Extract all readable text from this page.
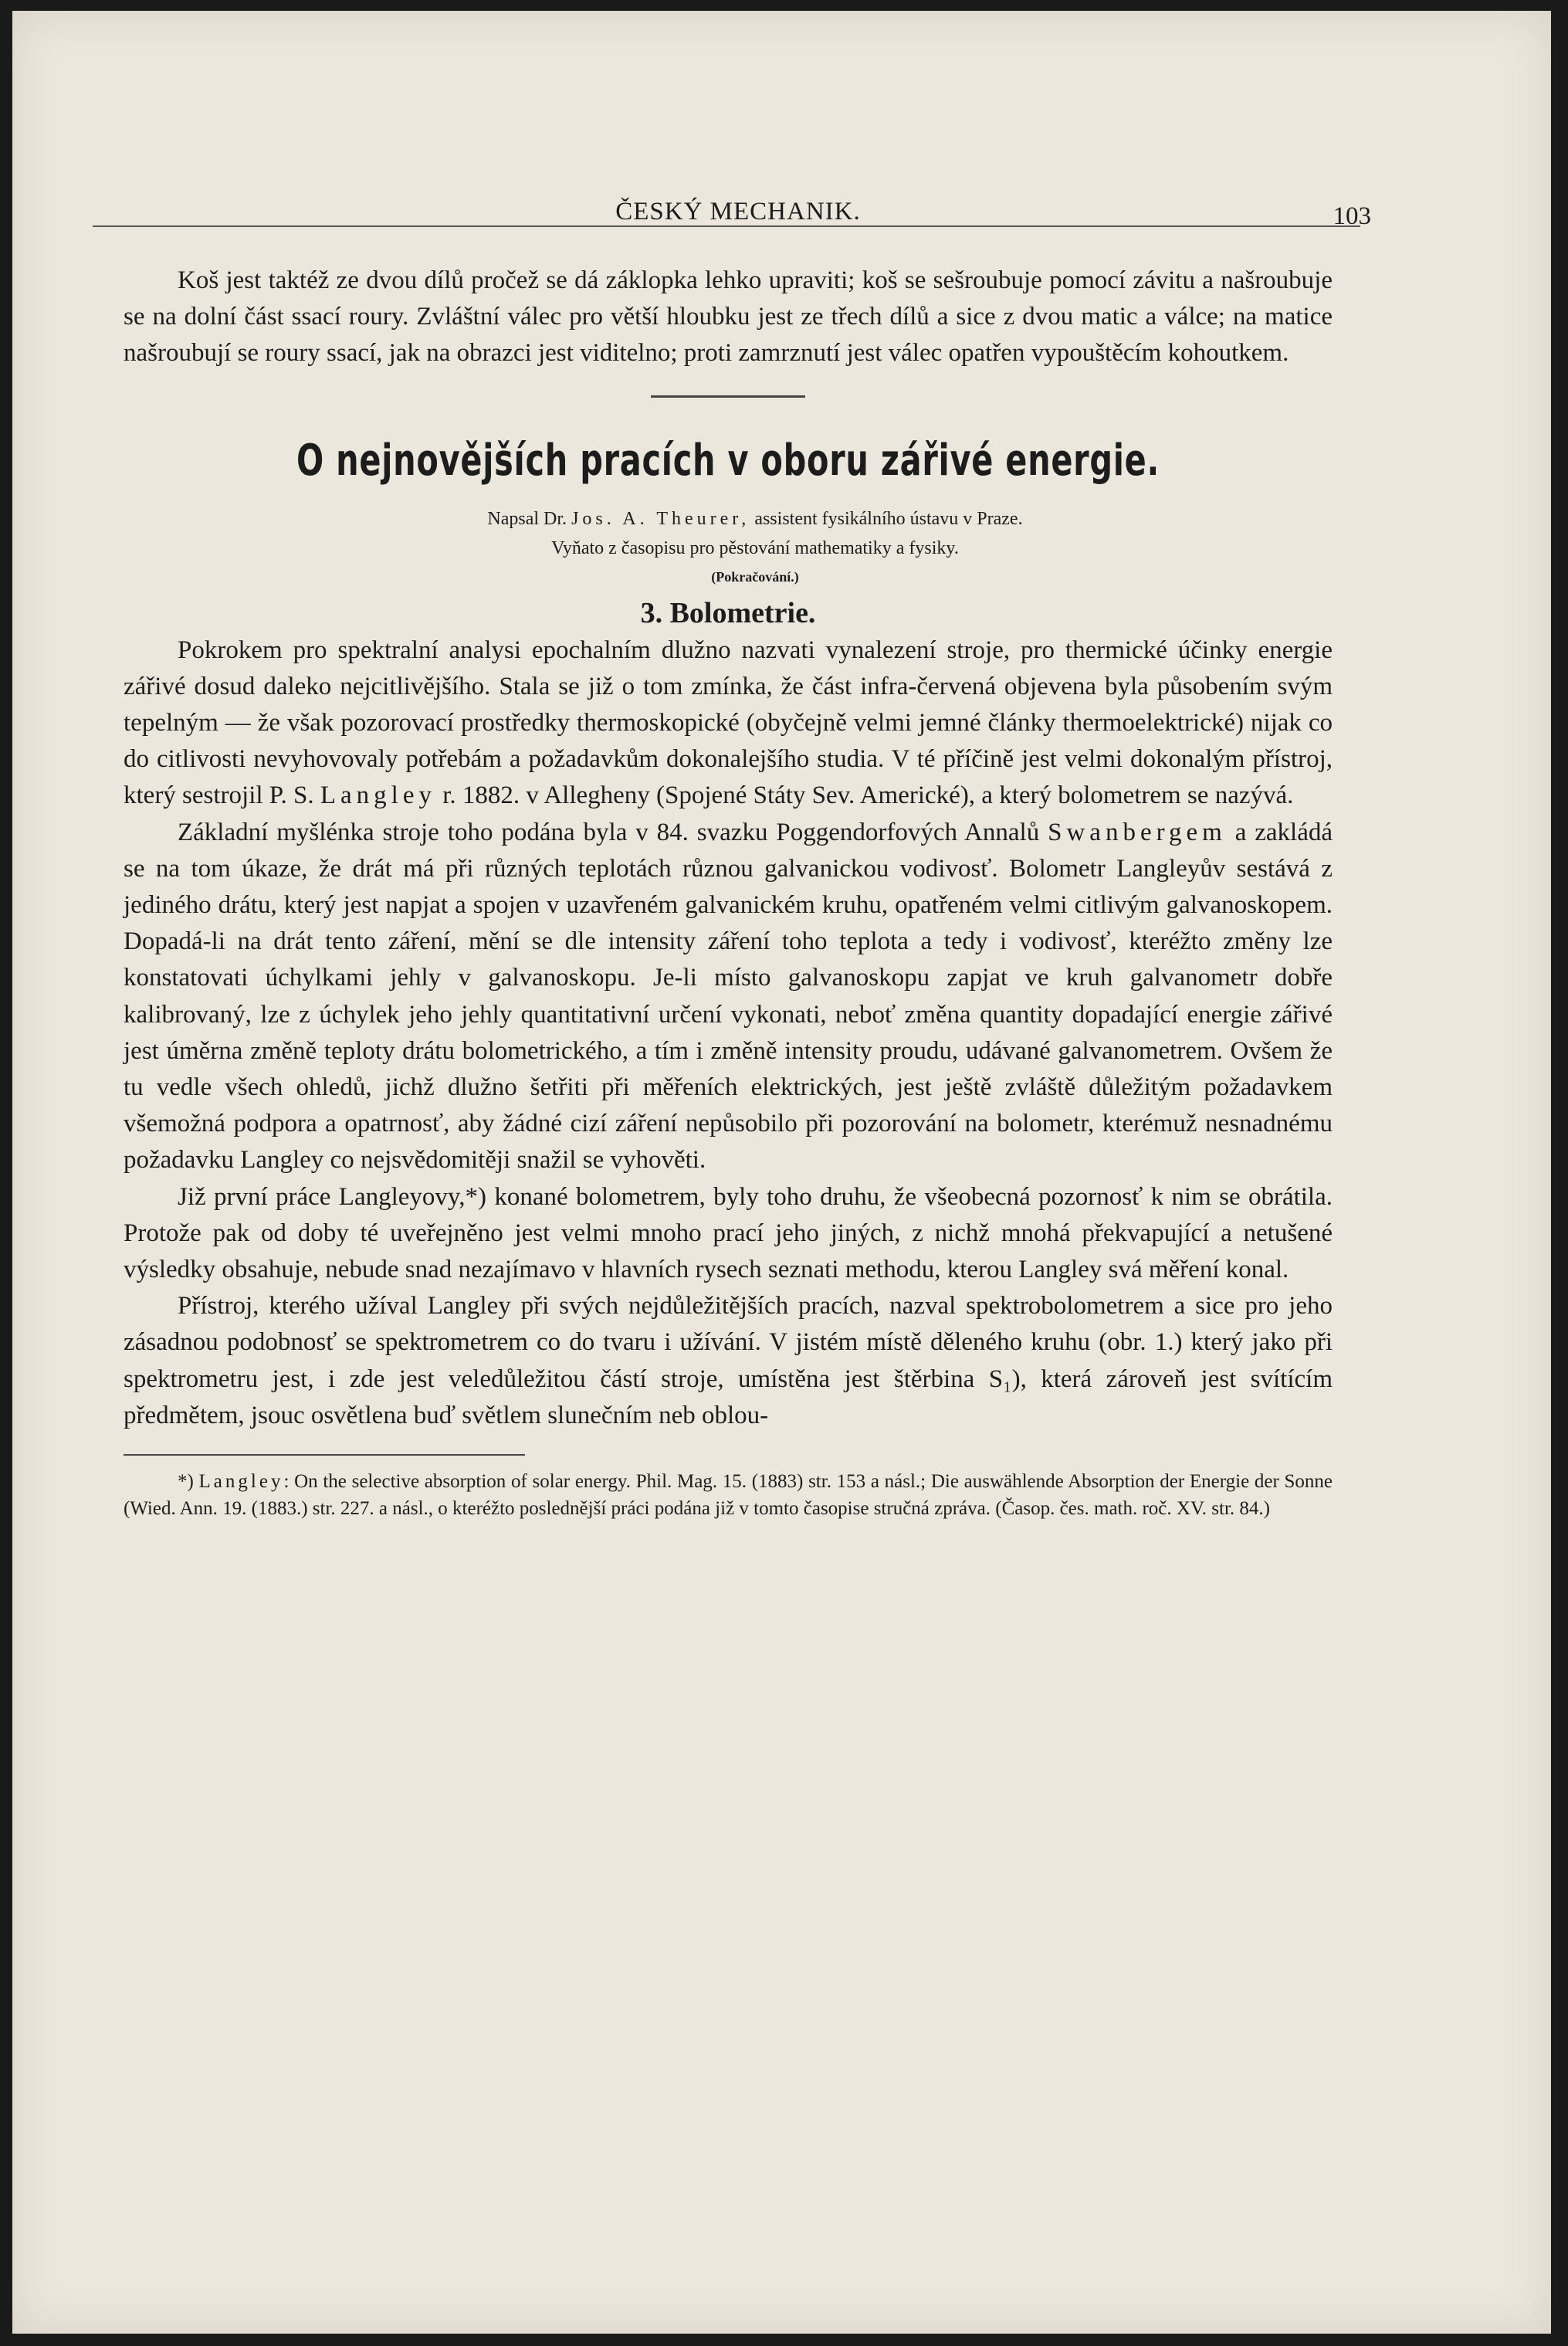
ČESKÝ MECHANIK.	103

Koš jest taktéž ze dvou dílů pročež se dá záklopka lehko upraviti; koš se sešroubuje pomocí závitu a našroubuje se na dolní část ssací roury. Zvláštní válec pro větší hloubku jest ze třech dílů a sice z dvou matic a válce; na matice našroubují se roury ssací, jak na obrazci jest viditelno; proti zamrznutí jest válec opatřen vypouštěcím kohoutkem.

O nejnovějších pracích v oboru zářivé energie.

Napsal Dr. Jos. A. Theurer, assistent fysikálního ústavu v Praze.

Vyňato z časopisu pro pěstování mathematiky a fysiky.

(Pokračování.)

3. Bolometrie.

Pokrokem pro spektralní analysi epochalním dlužno nazvati vynalezení stroje, pro thermické účinky energie zářivé dosud daleko nejcitlivějšího. Stala se již o tom zmínka, že část infra-červená objevena byla působením svým tepelným — že však pozorovací prostředky thermoskopické (obyčejně velmi jemné články thermoelektrické) nijak co do citlivosti nevyhovovaly potřebám a požadavkům dokonalejšího studia. V té příčině jest velmi dokonalým přístroj, který sestrojil P. S. Langley r. 1882. v Allegheny (Spojené Státy Sev. Americké), a který bolometrem se nazývá.

Základní myšlénka stroje toho podána byla v 84. svazku Poggendorfových Annalů Swanbergem a zakládá se na tom úkaze, že drát má při různých teplotách různou galvanickou vodivosť. Bolometr Langleyův sestává z jediného drátu, který jest napjat a spojen v uzavřeném galvanickém kruhu, opatřeném velmi citlivým galvanoskopem. Dopadá-li na drát tento záření, mění se dle intensity záření toho teplota a tedy i vodivosť, kteréžto změny lze konstatovati úchylkami jehly v galvanoskopu. Je-li místo galvanoskopu zapjat ve kruh galvanometr dobře kalibrovaný, lze z úchylek jeho jehly quantitativní určení vykonati, neboť změna quantity dopadající energie zářivé jest úměrna změně teploty drátu bolometrického, a tím i změně intensity proudu, udávané galvanometrem. Ovšem že tu vedle všech ohledů, jichž dlužno šetřiti při měřeních elektrických, jest ještě zvláště důležitým požadavkem všemožná podpora a opatrnosť, aby žádné cizí záření nepůsobilo při pozorování na bolometr, kterémuž nesnadnému požadavku Langley co nejsvědomitěji snažil se vyhověti.

Již první práce Langleyovy,*) konané bolometrem, byly toho druhu, že všeobecná pozornosť k nim se obrátila. Protože pak od doby té uveřejněno jest velmi mnoho prací jeho jiných, z nichž mnohá překvapující a netušené výsledky obsahuje, nebude snad nezajímavo v hlavních rysech seznati methodu, kterou Langley svá měření konal.

Přístroj, kterého užíval Langley při svých nejdůležitějších pracích, nazval spektrobolometrem a sice pro jeho zásadnou podobnosť se spektrometrem co do tvaru i užívání. V jistém místě děleného kruhu (obr. 1.) který jako při spektrometru jest, i zde jest veledůležitou částí stroje, umístěna jest štěrbina S₁), která zároveň jest svítícím předmětem, jsouc osvětlena buď světlem slunečním neb oblou-

*) Langley: On the selective absorption of solar energy. Phil. Mag. 15. (1883) str. 153 a násl.; Die auswählende Absorption der Energie der Sonne (Wied. Ann. 19. (1883.) str. 227. a násl., o kteréžto poslednější práci podána již v tomto časopise stručná zpráva. (Časop. čes. math. roč. XV. str. 84.)
